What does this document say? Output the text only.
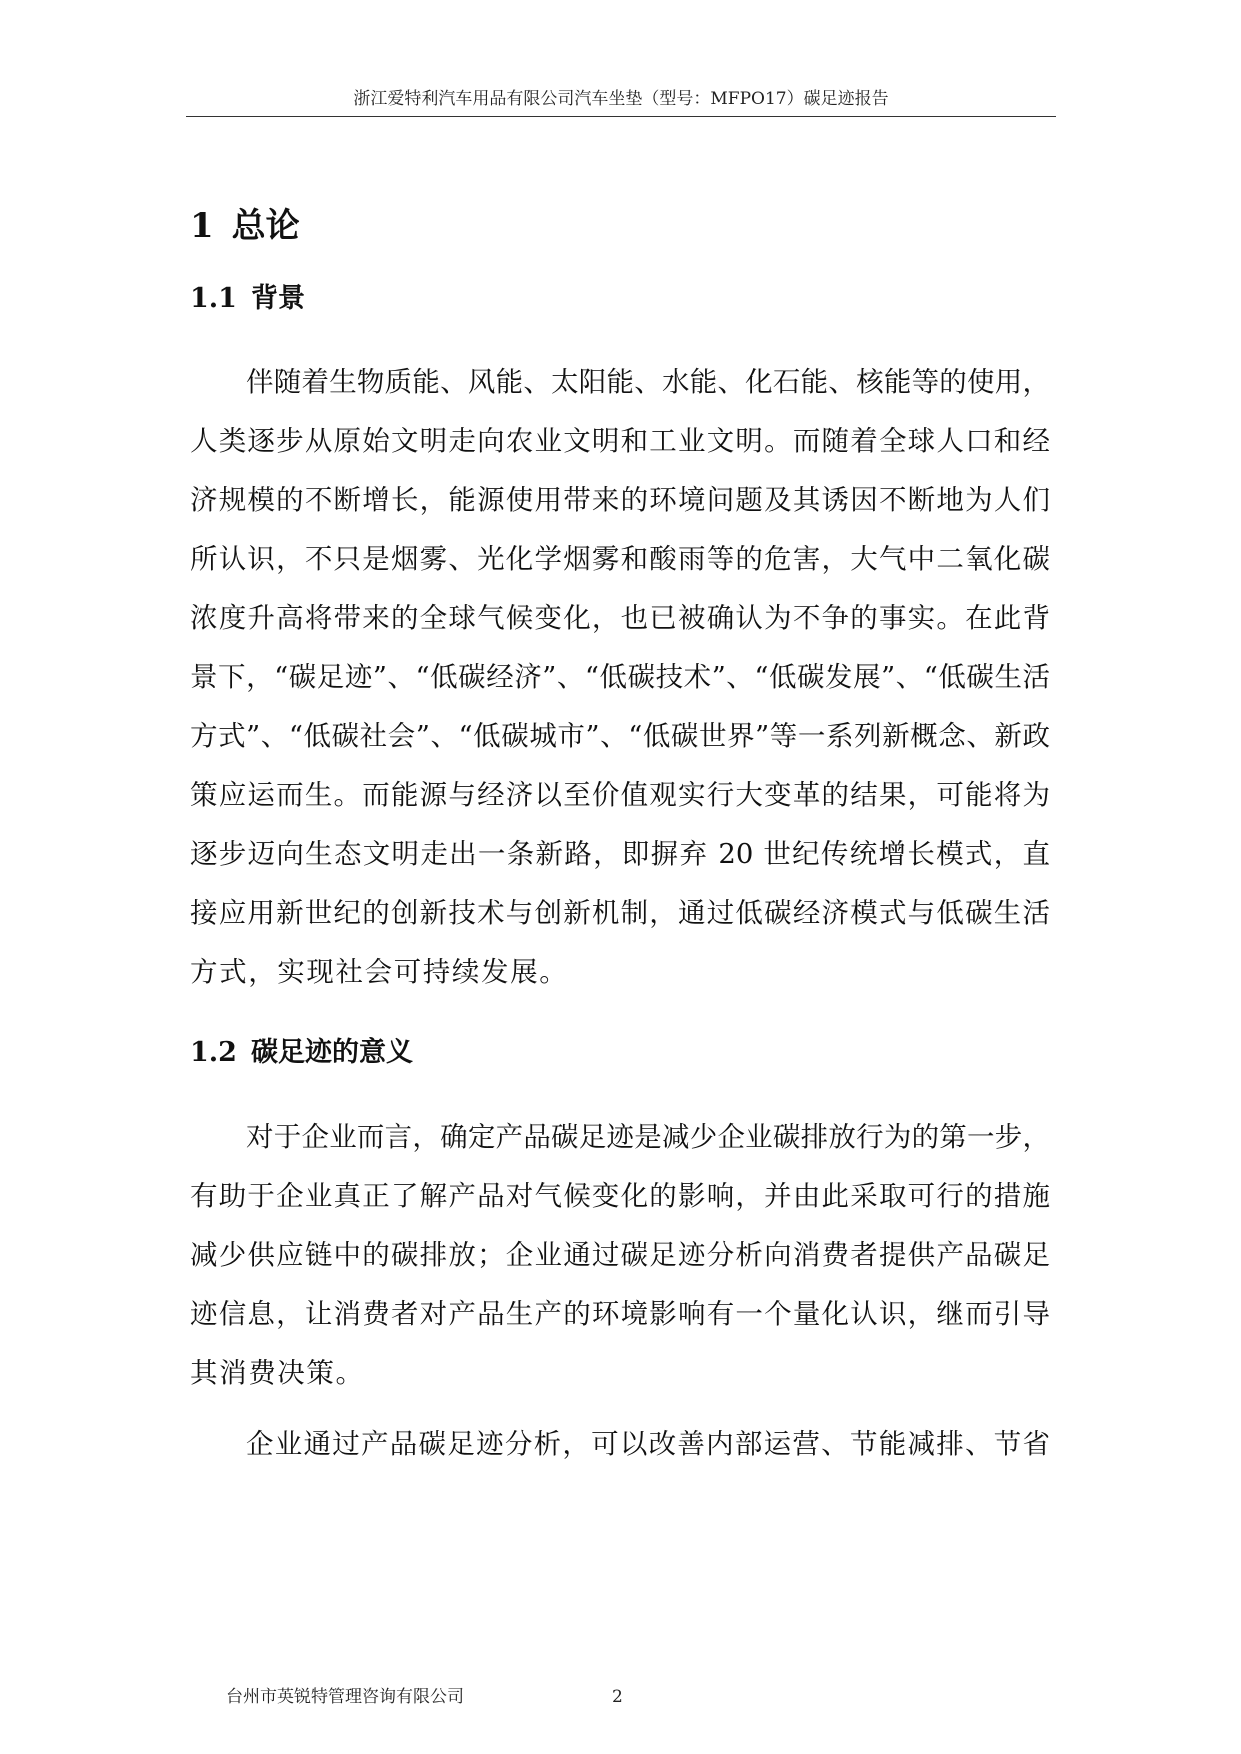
浙江爱特利汽车用品有限公司汽车坐垫（型号：MFPO17）碳足迹报告
1 总论
1.1 背景
伴随着生物质能、风能、太阳能、水能、化石能、核能等的使用，
人类逐步从原始文明走向农业文明和工业文明。而随着全球人口和经
济规模的不断增长，能源使用带来的环境问题及其诱因不断地为人们
所认识，不只是烟雾、光化学烟雾和酸雨等的危害，大气中二氧化碳
浓度升高将带来的全球气候变化，也已被确认为不争的事实。在此背
景下，“碳足迹”、“低碳经济”、“低碳技术”、“低碳发展”、“低碳生活
方式”、“低碳社会”、“低碳城市”、“低碳世界”等一系列新概念、新政
策应运而生。而能源与经济以至价值观实行大变革的结果，可能将为
逐步迈向生态文明走出一条新路，即摒弃 20 世纪传统增长模式，直
接应用新世纪的创新技术与创新机制，通过低碳经济模式与低碳生活
方式，实现社会可持续发展。
1.2 碳足迹的意义
对于企业而言，确定产品碳足迹是减少企业碳排放行为的第一步，
有助于企业真正了解产品对气候变化的影响，并由此采取可行的措施
减少供应链中的碳排放；企业通过碳足迹分析向消费者提供产品碳足
迹信息，让消费者对产品生产的环境影响有一个量化认识，继而引导
其消费决策。
企业通过产品碳足迹分析，可以改善内部运营、节能减排、节省
台州市英锐特管理咨询有限公司	2
